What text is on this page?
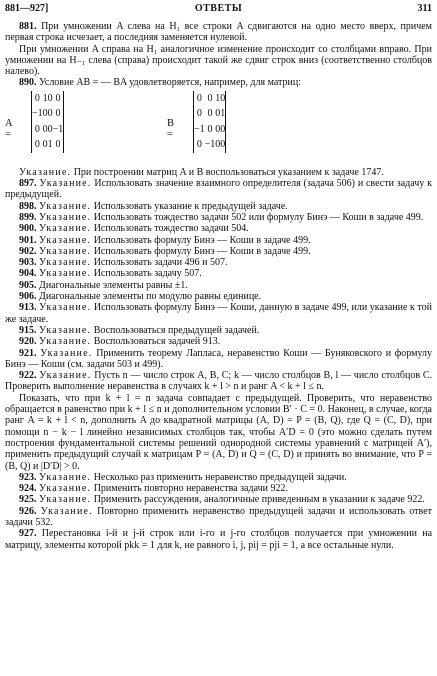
881—927]	ОТВЕТЫ	311

881. При умножении A слева на H₁ все строки A сдвигаются на одно место вверх, причем первая строка исчезает, а последняя заменяется нулевой.

При умножении A справа на H₁ аналогичное изменение происходит со столбцами вправо. При умножении на H₋₁ слева (справа) происходит такой же сдвиг строк вниз (соответственно столбцов налево).

890. Условие AB = — BA удовлетворяется, например, для матриц:

A =
0	1	0	0
−1	0	0	0
0	0	0	−1
0	0	1	0
B =
0	0	1	0
0	0	0	1
−1	0	0	0
0	−1	0	0

Указание. При построении матриц A и B воспользоваться указанием к задаче 1747.

897. Указание. Использовать значение взаимного определителя (задача 506) и свести задачу к предыдущей.

898. Указание. Использовать указание к предыдущей задаче.

899. Указание. Использовать тождество задачи 502 или формулу Бинэ — Коши в задаче 499.

900. Указание. Использовать тождество задачи 504.

901. Указание. Использовать формулу Бинэ — Коши в задаче 499.

902. Указание. Использовать формулу Бинэ — Коши в задаче 499.

903. Указание. Использовать задачи 496 и 507.

904. Указание. Использовать задачу 507.

905. Диагональные элементы равны ±1.

906. Диагональные элементы по модулю равны единице.

913. Указание. Использовать формулу Бинэ — Коши, данную в задаче 499, или указание к той же задаче.

915. Указание. Воспользоваться предыдущей задачей.

920. Указание. Воспользоваться задачей 913.

921. Указание. Применить теорему Лапласа, неравенство Коши — Буняковского и формулу Бинэ — Коши (см. задачи 503 и 499).

922. Указание. Пусть n — число строк A, B, C; k — число столбцов B, l — число столбцов C. Проверить выполнение неравенства в случаях k + l > n и ранг A < k + l ≤ n.

Показать, что при k + l = n задача совпадает с предыдущей. Проверить, что неравенство обращается в равенство при k + l ≤ n и дополнительном условии B′ · C = 0. Наконец, в случае, когда ранг A = k + l < n, дополнить A до квадратной матрицы (A, D) = P = (B, Q), где Q = (C, D), при помощи n − k − l линейно независимых столбцов так, чтобы A′D = 0 (это можно сделать путем построения фундаментальной системы решений однородной системы уравнений с матрицей A′), применить предыдущий случай к матрицам P = (A, D) и Q = (C, D) и принять во внимание, что P = (B, Q) и |D′D| > 0.

923. Указание. Несколько раз применить неравенство предыдущей задачи.

924. Указание. Применить повторно неравенства задачи 922.

925. Указание. Применить рассуждения, аналогичные приведенным в указании к задаче 922.

926. Указание. Повторно применить неравенство предыдущей задачи и использовать ответ задачи 532.

927. Перестановка i-й и j-й строк или i-го и j-го столбцов получается при умножении на матрицу, элементы которой pkk = 1 для k, не равного i, j, pij = pji = 1, а все остальные нули.
